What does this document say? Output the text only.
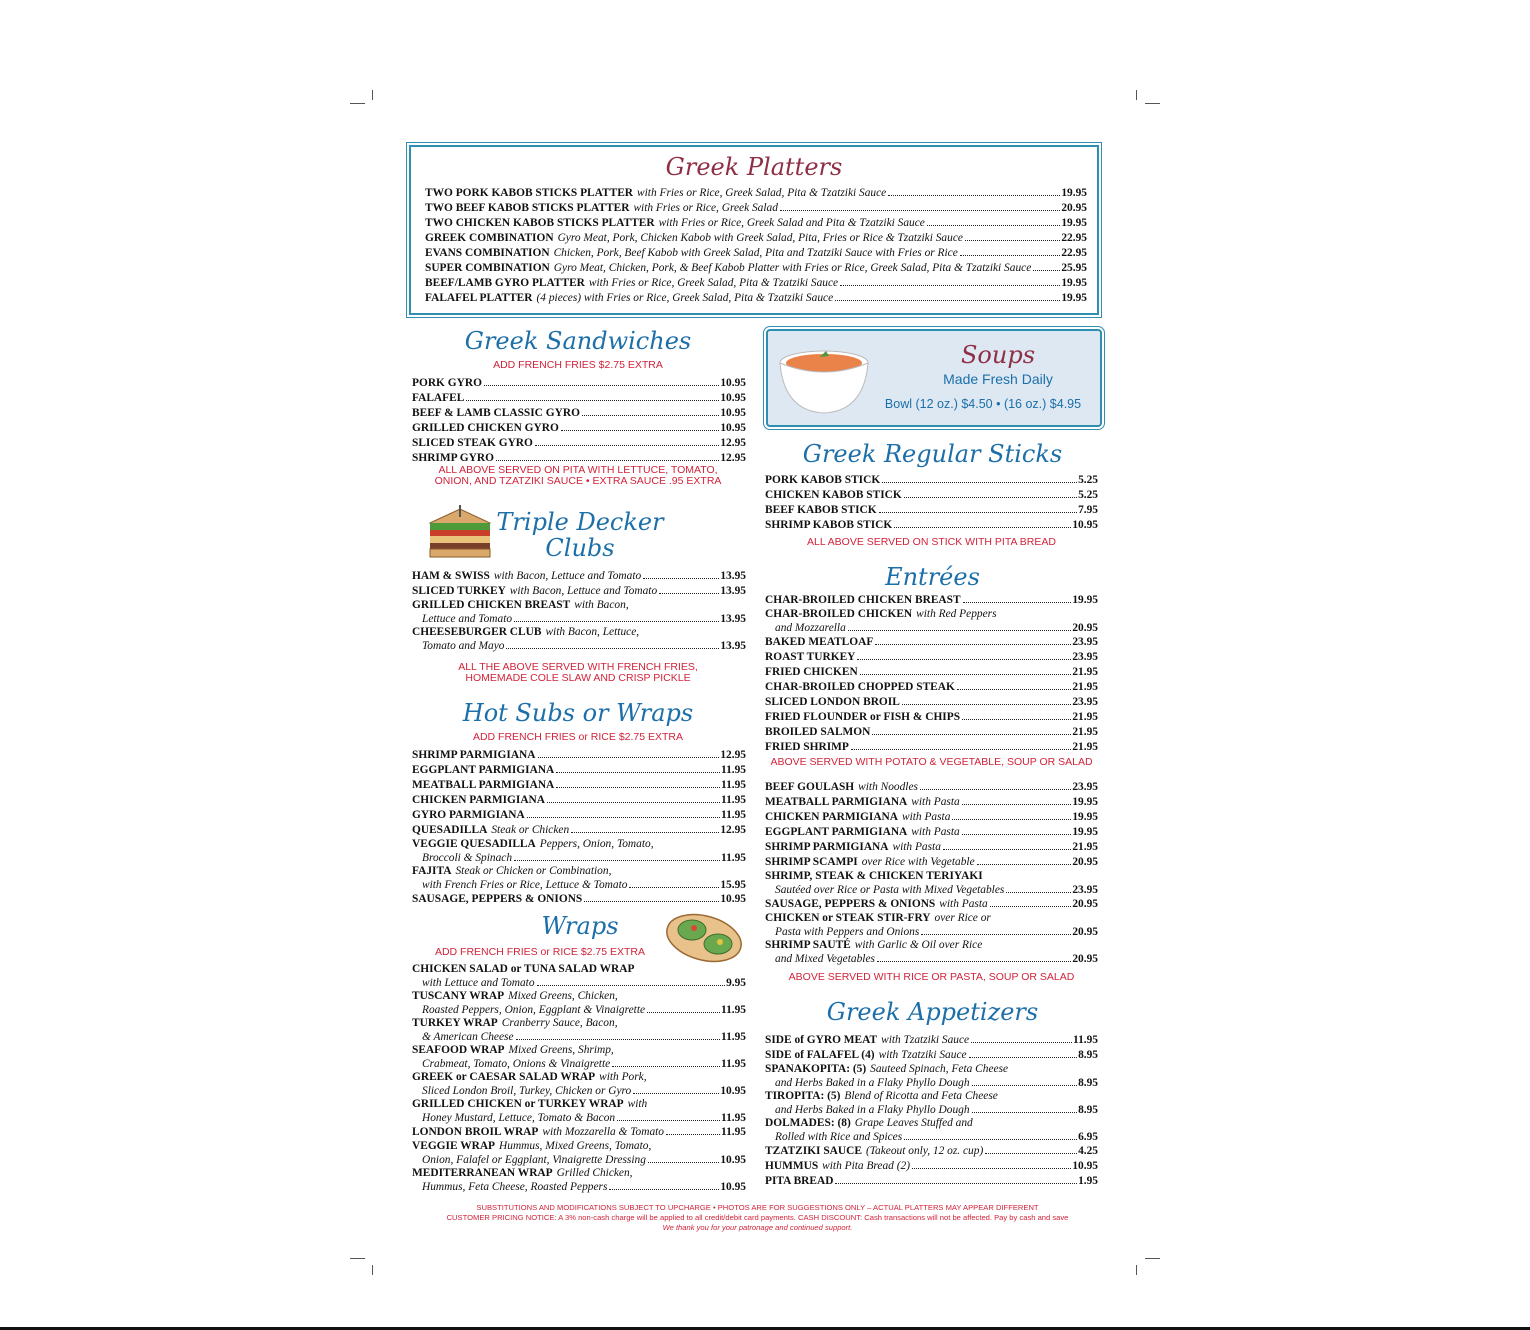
Greek Platters
TWO PORK KABOB STICKS PLATTER with Fries or Rice, Greek Salad, Pita & Tzatziki Sauce	19.95
TWO BEEF KABOB STICKS PLATTER with Fries or Rice, Greek Salad	20.95
TWO CHICKEN KABOB STICKS PLATTER with Fries or Rice, Greek Salad and Pita & Tzatziki Sauce	19.95
GREEK COMBINATION Gyro Meat, Pork, Chicken Kabob with Greek Salad, Pita, Fries or Rice & Tzatziki Sauce	22.95
EVANS COMBINATION Chicken, Pork, Beef Kabob with Greek Salad, Pita and Tzatziki Sauce with Fries or Rice	22.95
SUPER COMBINATION Gyro Meat, Chicken, Pork, & Beef Kabob Platter with Fries or Rice, Greek Salad, Pita & Tzatziki Sauce	25.95
BEEF/LAMB GYRO PLATTER with Fries or Rice, Greek Salad, Pita & Tzatziki Sauce	19.95
FALAFEL PLATTER (4 pieces) with Fries or Rice, Greek Salad, Pita & Tzatziki Sauce	19.95
Greek Sandwiches
ADD FRENCH FRIES $2.75 EXTRA
PORK GYRO	10.95
FALAFEL	10.95
BEEF & LAMB CLASSIC GYRO	10.95
GRILLED CHICKEN GYRO	10.95
SLICED STEAK GYRO	12.95
SHRIMP GYRO	12.95
ALL ABOVE SERVED ON PITA WITH LETTUCE, TOMATO,
ONION, AND TZATZIKI SAUCE • EXTRA SAUCE .95 EXTRA
Triple Decker
Clubs
HAM & SWISS with Bacon, Lettuce and Tomato	13.95
SLICED TURKEY with Bacon, Lettuce and Tomato	13.95
GRILLED CHICKEN BREAST with Bacon,
Lettuce and Tomato	13.95
CHEESEBURGER CLUB with Bacon, Lettuce,
Tomato and Mayo	13.95
ALL THE ABOVE SERVED WITH FRENCH FRIES,
HOMEMADE COLE SLAW AND CRISP PICKLE
Hot Subs or Wraps
ADD FRENCH FRIES or RICE $2.75 EXTRA
SHRIMP PARMIGIANA	12.95
EGGPLANT PARMIGIANA	11.95
MEATBALL PARMIGIANA	11.95
CHICKEN PARMIGIANA	11.95
GYRO PARMIGIANA	11.95
QUESADILLA Steak or Chicken	12.95
VEGGIE QUESADILLA Peppers, Onion, Tomato,
Broccoli & Spinach	11.95
FAJITA Steak or Chicken or Combination,
with French Fries or Rice, Lettuce & Tomato	15.95
SAUSAGE, PEPPERS & ONIONS	10.95
Wraps
ADD FRENCH FRIES or RICE $2.75 EXTRA
CHICKEN SALAD or TUNA SALAD WRAP
with Lettuce and Tomato	9.95
TUSCANY WRAP Mixed Greens, Chicken,
Roasted Peppers, Onion, Eggplant & Vinaigrette	11.95
TURKEY WRAP Cranberry Sauce, Bacon,
& American Cheese	11.95
SEAFOOD WRAP Mixed Greens, Shrimp,
Crabmeat, Tomato, Onions & Vinaigrette	11.95
GREEK or CAESAR SALAD WRAP with Pork,
Sliced London Broil, Turkey, Chicken or Gyro	10.95
GRILLED CHICKEN or TURKEY WRAP with
Honey Mustard, Lettuce, Tomato & Bacon	11.95
LONDON BROIL WRAP with Mozzarella & Tomato	11.95
VEGGIE WRAP Hummus, Mixed Greens, Tomato,
Onion, Falafel or Eggplant, Vinaigrette Dressing	10.95
MEDITERRANEAN WRAP Grilled Chicken,
Hummus, Feta Cheese, Roasted Peppers	10.95
Soups
Made Fresh Daily
Bowl (12 oz.) $4.50 • (16 oz.) $4.95
Greek Regular Sticks
PORK KABOB STICK	5.25
CHICKEN KABOB STICK	5.25
BEEF KABOB STICK	7.95
SHRIMP KABOB STICK	10.95
ALL ABOVE SERVED ON STICK WITH PITA BREAD
Entrées
CHAR-BROILED CHICKEN BREAST	19.95
CHAR-BROILED CHICKEN with Red Peppers
and Mozzarella	20.95
BAKED MEATLOAF	23.95
ROAST TURKEY	23.95
FRIED CHICKEN	21.95
CHAR-BROILED CHOPPED STEAK	21.95
SLICED LONDON BROIL	23.95
FRIED FLOUNDER or FISH & CHIPS	21.95
BROILED SALMON	21.95
FRIED SHRIMP	21.95
ABOVE SERVED WITH POTATO & VEGETABLE, SOUP OR SALAD
BEEF GOULASH with Noodles	23.95
MEATBALL PARMIGIANA with Pasta	19.95
CHICKEN PARMIGIANA with Pasta	19.95
EGGPLANT PARMIGIANA with Pasta	19.95
SHRIMP PARMIGIANA with Pasta	21.95
SHRIMP SCAMPI over Rice with Vegetable	20.95
SHRIMP, STEAK & CHICKEN TERIYAKI
Sautéed over Rice or Pasta with Mixed Vegetables	23.95
SAUSAGE, PEPPERS & ONIONS with Pasta	20.95
CHICKEN or STEAK STIR-FRY over Rice or
Pasta with Peppers and Onions	20.95
SHRIMP SAUTÉ with Garlic & Oil over Rice
and Mixed Vegetables	20.95
ABOVE SERVED WITH RICE OR PASTA, SOUP OR SALAD
Greek Appetizers
SIDE of GYRO MEAT with Tzatziki Sauce	11.95
SIDE of FALAFEL (4) with Tzatziki Sauce	8.95
SPANAKOPITA: (5) Sauteed Spinach, Feta Cheese
and Herbs Baked in a Flaky Phyllo Dough	8.95
TIROPITA: (5) Blend of Ricotta and Feta Cheese
and Herbs Baked in a Flaky Phyllo Dough	8.95
DOLMADES: (8) Grape Leaves Stuffed and
Rolled with Rice and Spices	6.95
TZATZIKI SAUCE (Takeout only, 12 oz. cup)	4.25
HUMMUS with Pita Bread (2)	10.95
PITA BREAD	1.95
SUBSTITUTIONS AND MODIFICATIONS SUBJECT TO UPCHARGE • PHOTOS ARE FOR SUGGESTIONS ONLY – ACTUAL PLATTERS MAY APPEAR DIFFERENT
CUSTOMER PRICING NOTICE: A 3% non-cash charge will be applied to all credit/debit card payments. CASH DISCOUNT: Cash transactions will not be affected. Pay by cash and save
We thank you for your patronage and continued support.
